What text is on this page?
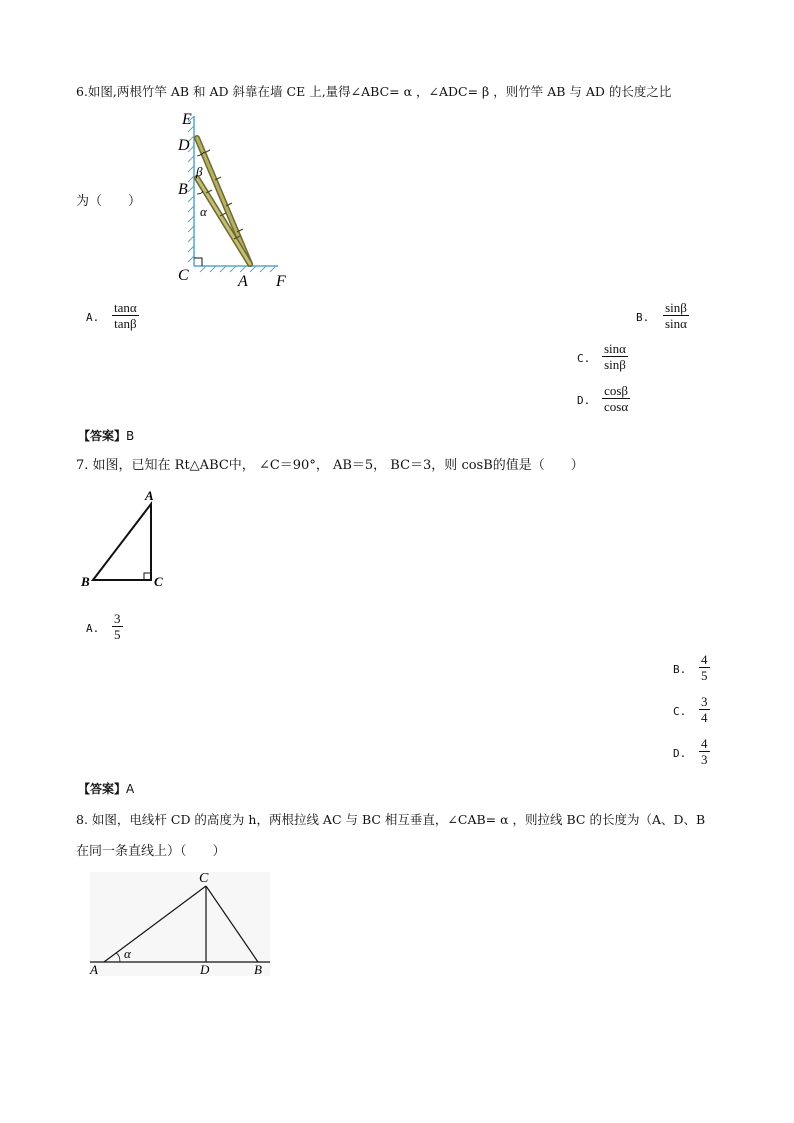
6.如图,两根竹竿 AB 和 AD 斜靠在墙 CE 上,量得∠ABC= α ，∠ADC= β ，则竹竿 AB 与 AD 的长度之比
E
D
β
B
α
C	A F
为（　　）
A. $\frac{\tan\alpha}{\tan\beta}$	B. $\frac{\sin\beta}{\sin\alpha}$
C. $\frac{\sin\alpha}{\sin\beta}$
D. $\frac{\cos\beta}{\cos\alpha}$
【答案】B
7. 如图，已知在 Rt△ABC中， ∠C＝90°， AB＝5， BC＝3，则 cosB的值是（　　）
A
B	C
A. $\frac{3}{5}$
B. $\frac{4}{5}$
C. $\frac{3}{4}$
D. $\frac{4}{3}$
【答案】A
8. 如图，电线杆 CD 的高度为 h，两根拉线 AC 与 BC 相互垂直，∠CAB= α ，则拉线 BC 的长度为（A、D、B
在同一条直线上）（　　）
C
α
A	D	B
